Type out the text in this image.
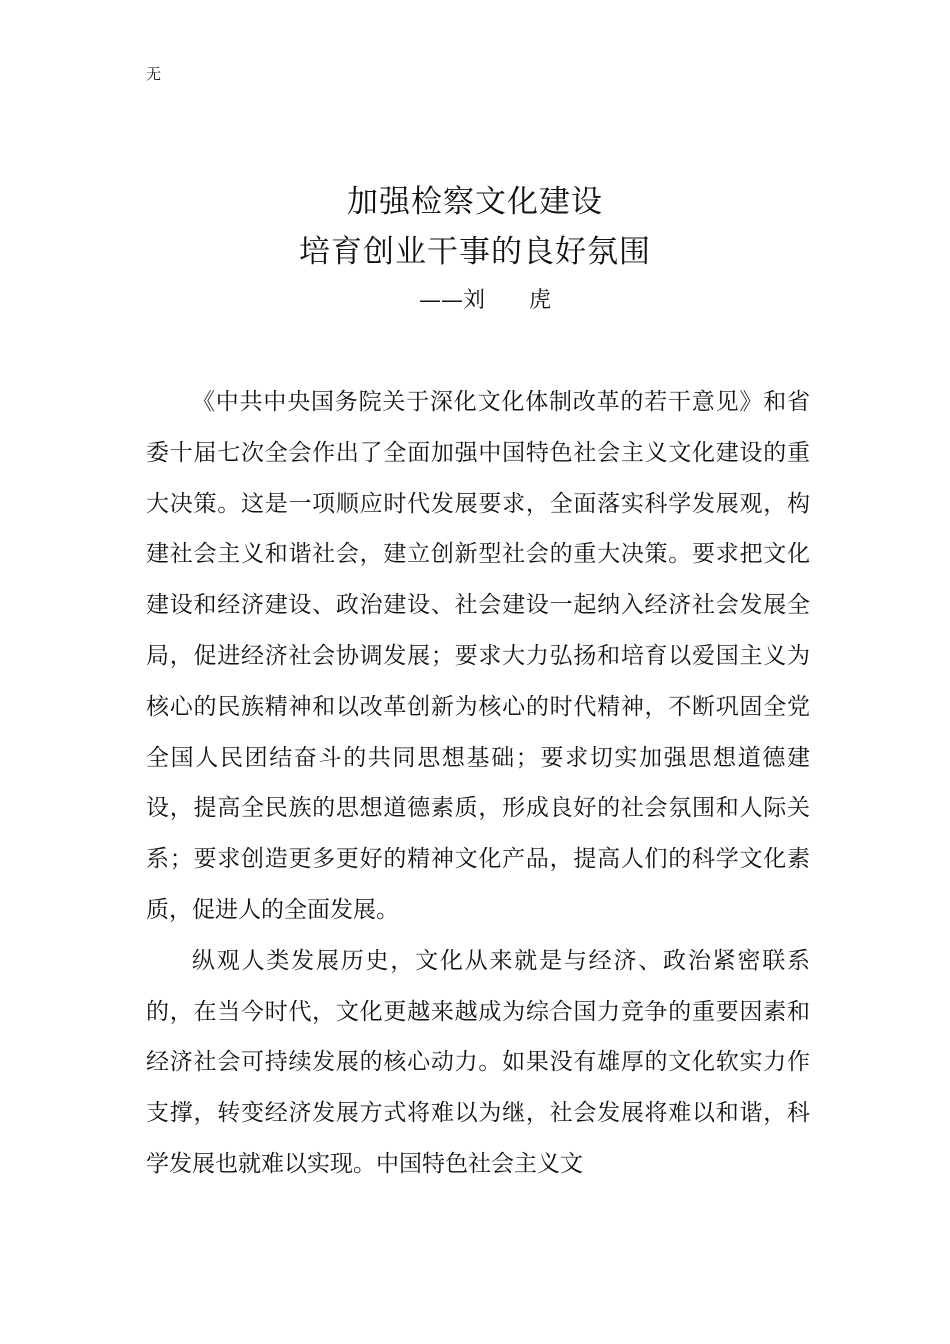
无
加强检察文化建设
培育创业干事的良好氛围
——刘　　虎

《中共中央国务院关于深化文化体制改革的若干意见》和省委十届七次全会作出了全面加强中国特色社会主义文化建设的重大决策。这是一项顺应时代发展要求，全面落实科学发展观，构建社会主义和谐社会，建立创新型社会的重大决策。要求把文化建设和经济建设、政治建设、社会建设一起纳入经济社会发展全局，促进经济社会协调发展；要求大力弘扬和培育以爱国主义为核心的民族精神和以改革创新为核心的时代精神，不断巩固全党全国人民团结奋斗的共同思想基础；要求切实加强思想道德建设，提高全民族的思想道德素质，形成良好的社会氛围和人际关系；要求创造更多更好的精神文化产品，提高人们的科学文化素质，促进人的全面发展。

纵观人类发展历史，文化从来就是与经济、政治紧密联系的，在当今时代，文化更越来越成为综合国力竞争的重要因素和经济社会可持续发展的核心动力。如果没有雄厚的文化软实力作支撑，转变经济发展方式将难以为继，社会发展将难以和谐，科学发展也就难以实现。中国特色社会主义文
